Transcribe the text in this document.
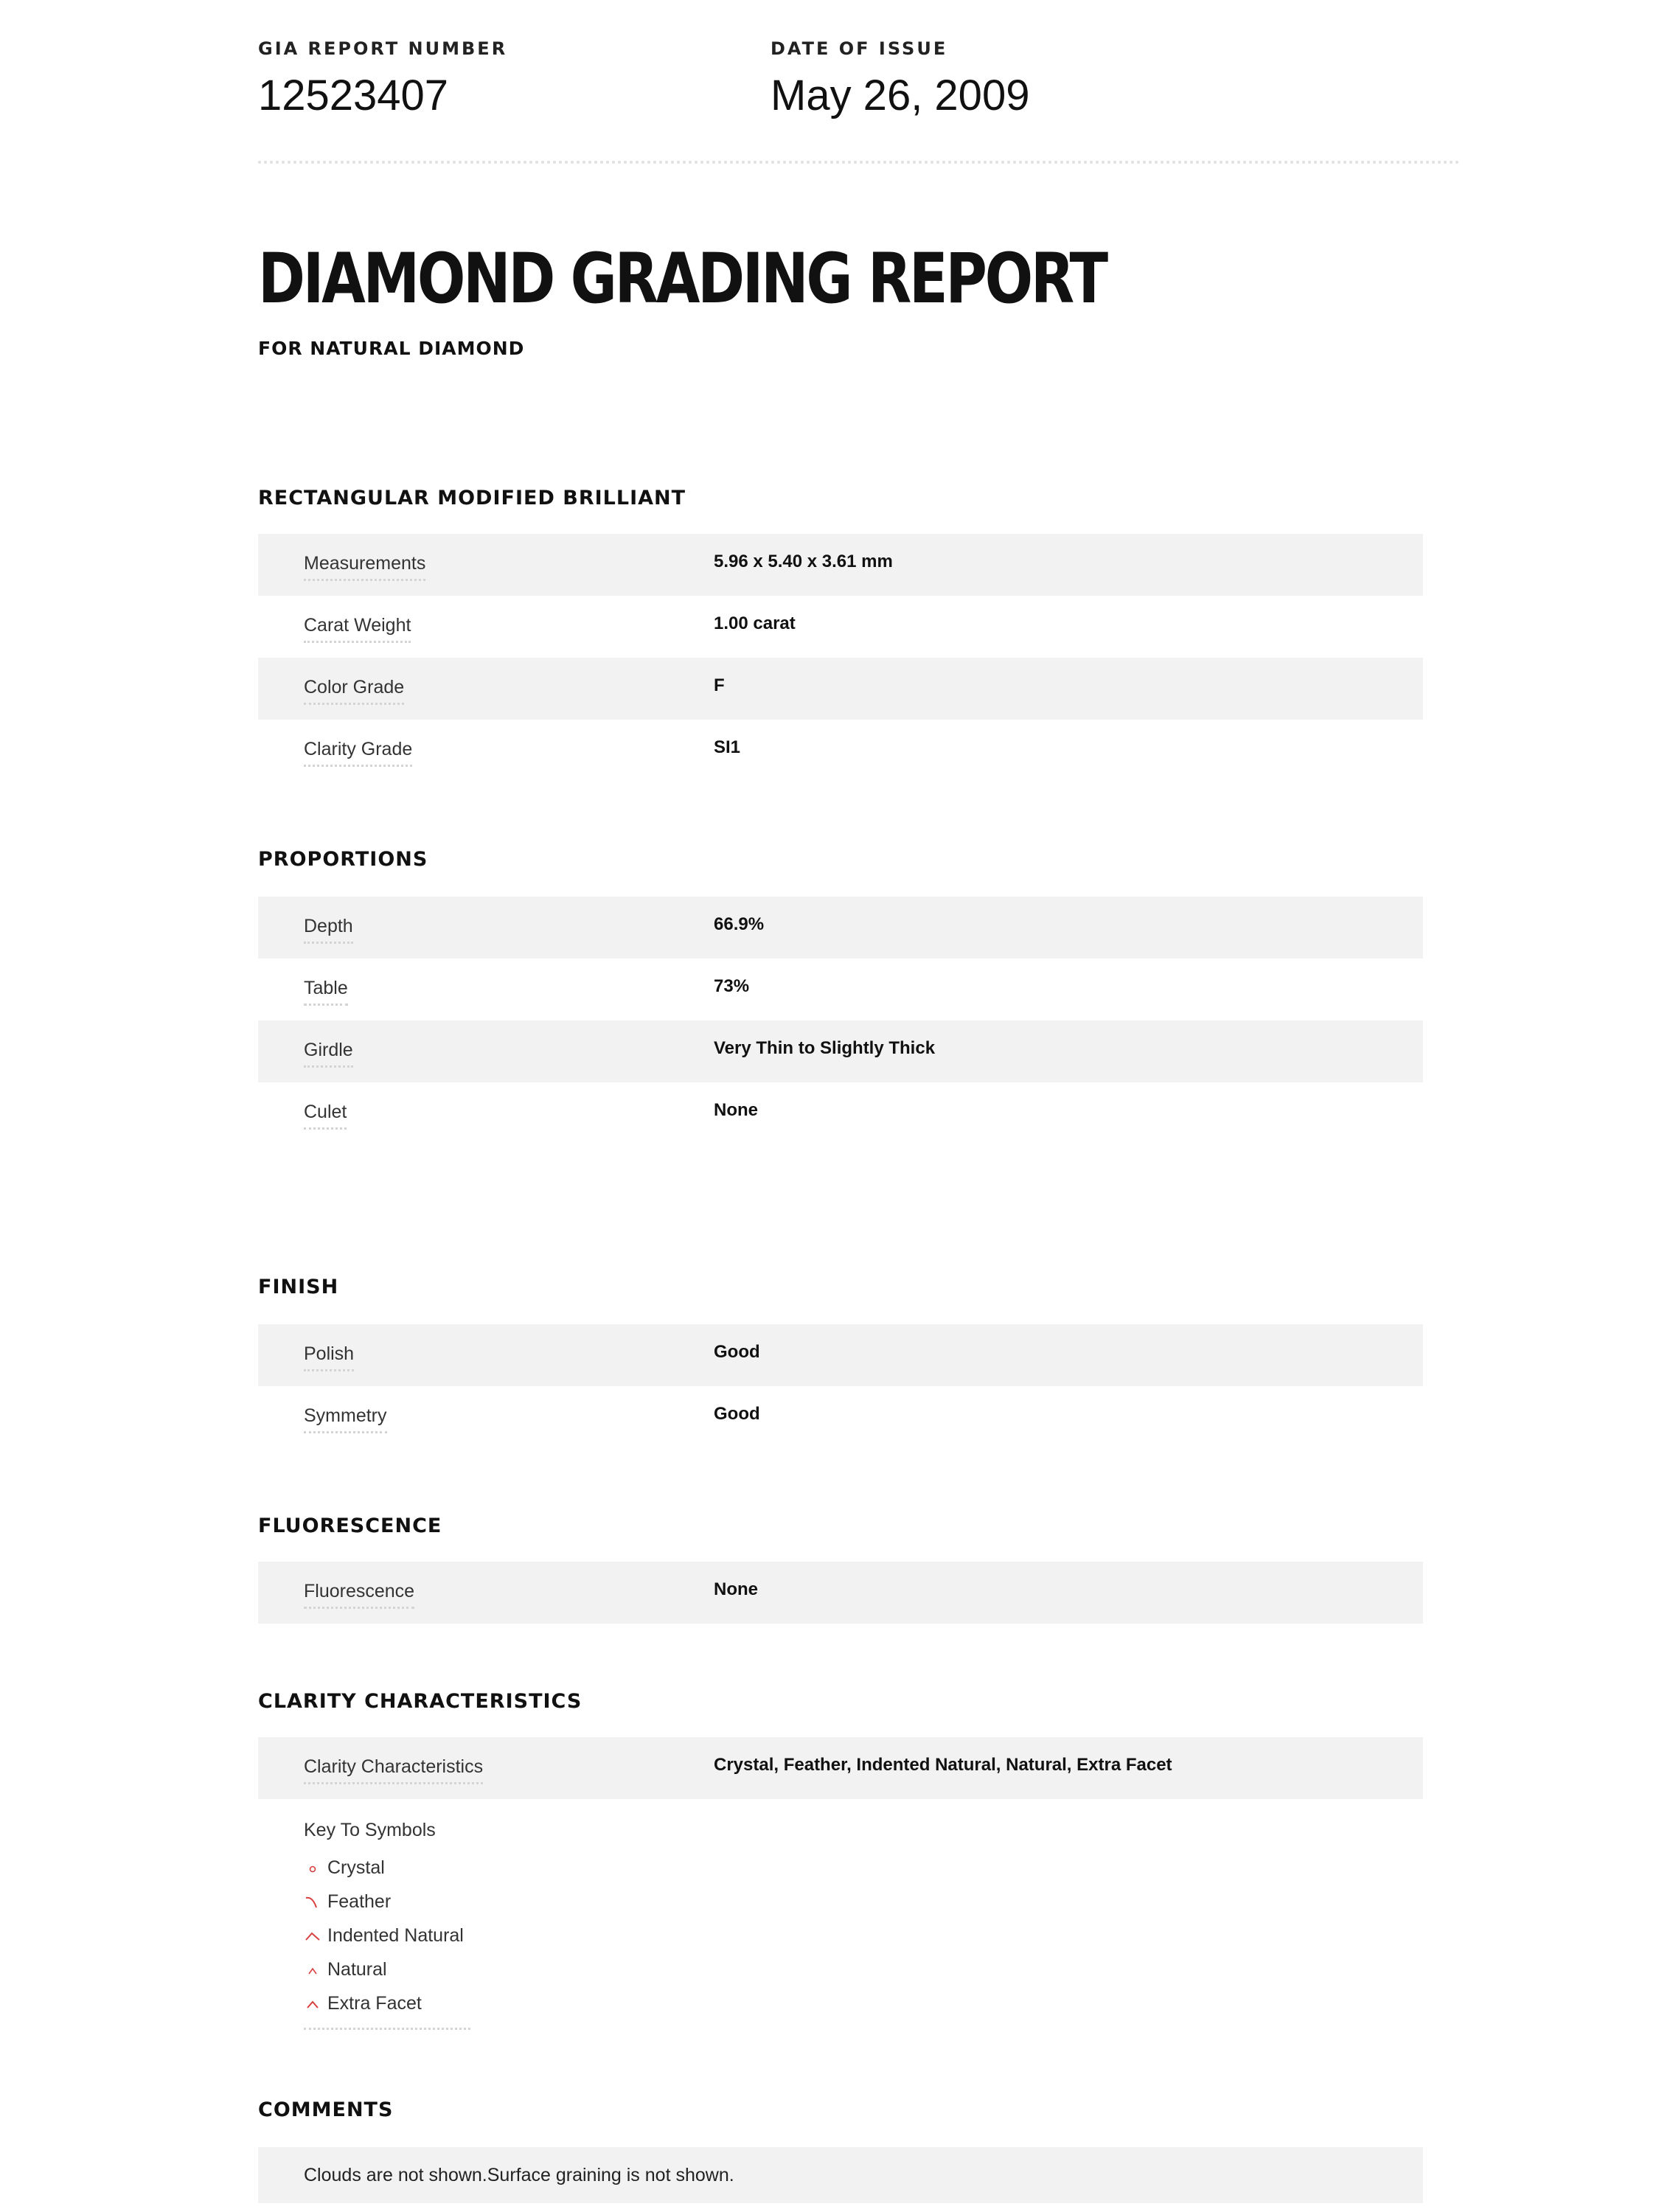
GIA REPORT NUMBER
12523407
DATE OF ISSUE
May 26, 2009
DIAMOND GRADING REPORT
FOR NATURAL DIAMOND
RECTANGULAR MODIFIED BRILLIANT
Measurements	5.96 x 5.40 x 3.61 mm
Carat Weight	1.00 carat
Color Grade	F
Clarity Grade	SI1
PROPORTIONS
Depth	66.9%
Table	73%
Girdle	Very Thin to Slightly Thick
Culet	None
FINISH
Polish	Good
Symmetry	Good
FLUORESCENCE
Fluorescence	None
CLARITY CHARACTERISTICS
Clarity Characteristics	Crystal, Feather, Indented Natural, Natural, Extra Facet
Key To Symbols
Crystal
Feather
Indented Natural
Natural
Extra Facet
COMMENTS
Clouds are not shown.Surface graining is not shown.
